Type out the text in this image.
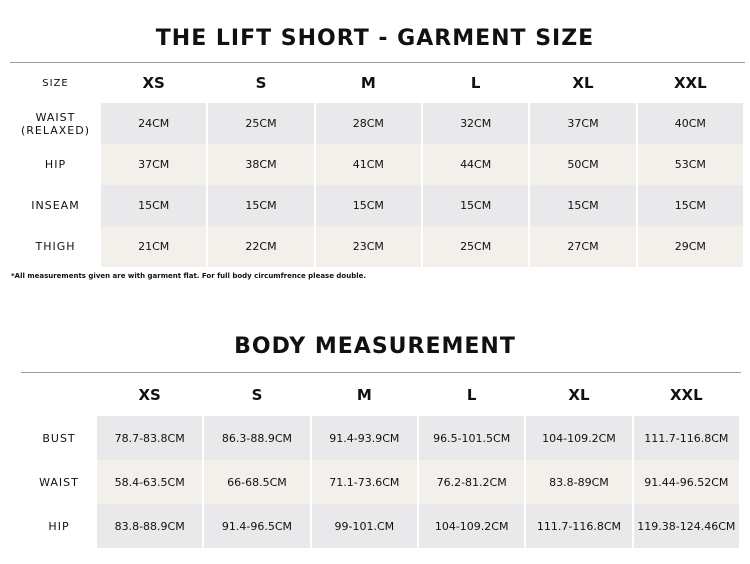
THE LIFT SHORT - GARMENT SIZE
SIZE	XS	S	M	L	XL	XXL
WAIST
(RELAXED)	24CM	25CM	28CM	32CM	37CM	40CM
HIP	37CM	38CM	41CM	44CM	50CM	53CM
INSEAM	15CM	15CM	15CM	15CM	15CM	15CM
THIGH	21CM	22CM	23CM	25CM	27CM	29CM
*All measurements given are with garment flat. For full body circumfrence please double.
BODY MEASUREMENT
	XS	S	M	L	XL	XXL
BUST	78.7-83.8CM	86.3-88.9CM	91.4-93.9CM	96.5-101.5CM	104-109.2CM	111.7-116.8CM
WAIST	58.4-63.5CM	66-68.5CM	71.1-73.6CM	76.2-81.2CM	83.8-89CM	91.44-96.52CM
HIP	83.8-88.9CM	91.4-96.5CM	99-101.CM	104-109.2CM	111.7-116.8CM	119.38-124.46CM
